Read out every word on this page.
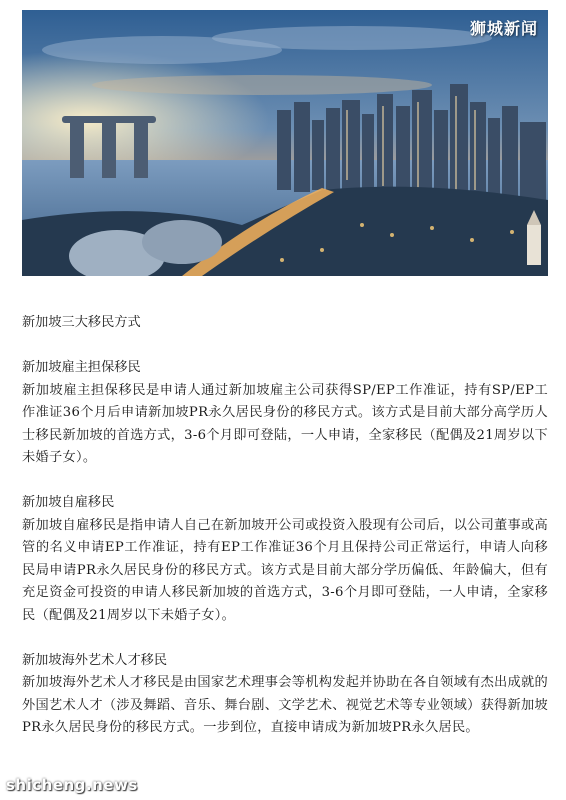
狮城新闻

新加坡三大移民方式

新加坡雇主担保移民

新加坡雇主担保移民是申请人通过新加坡雇主公司获得SP/EP工作准证，持有SP/EP工作准证36个月后申请新加坡PR永久居民身份的移民方式。该方式是目前大部分高学历人士移民新加坡的首选方式，3-6个月即可登陆，一人申请，全家移民（配偶及21周岁以下未婚子女）。

新加坡自雇移民

新加坡自雇移民是指申请人自己在新加坡开公司或投资入股现有公司后，以公司董事或高管的名义申请EP工作准证，持有EP工作准证36个月且保持公司正常运行，申请人向移民局申请PR永久居民身份的移民方式。该方式是目前大部分学历偏低、年龄偏大，但有充足资金可投资的申请人移民新加坡的首选方式，3-6个月即可登陆，一人申请，全家移民（配偶及21周岁以下未婚子女）。

新加坡海外艺术人才移民

新加坡海外艺术人才移民是由国家艺术理事会等机构发起并协助在各自领域有杰出成就的外国艺术人才（涉及舞蹈、音乐、舞台剧、文学艺术、视觉艺术等专业领域）获得新加坡PR永久居民身份的移民方式。一步到位，直接申请成为新加坡PR永久居民。

shicheng.news
